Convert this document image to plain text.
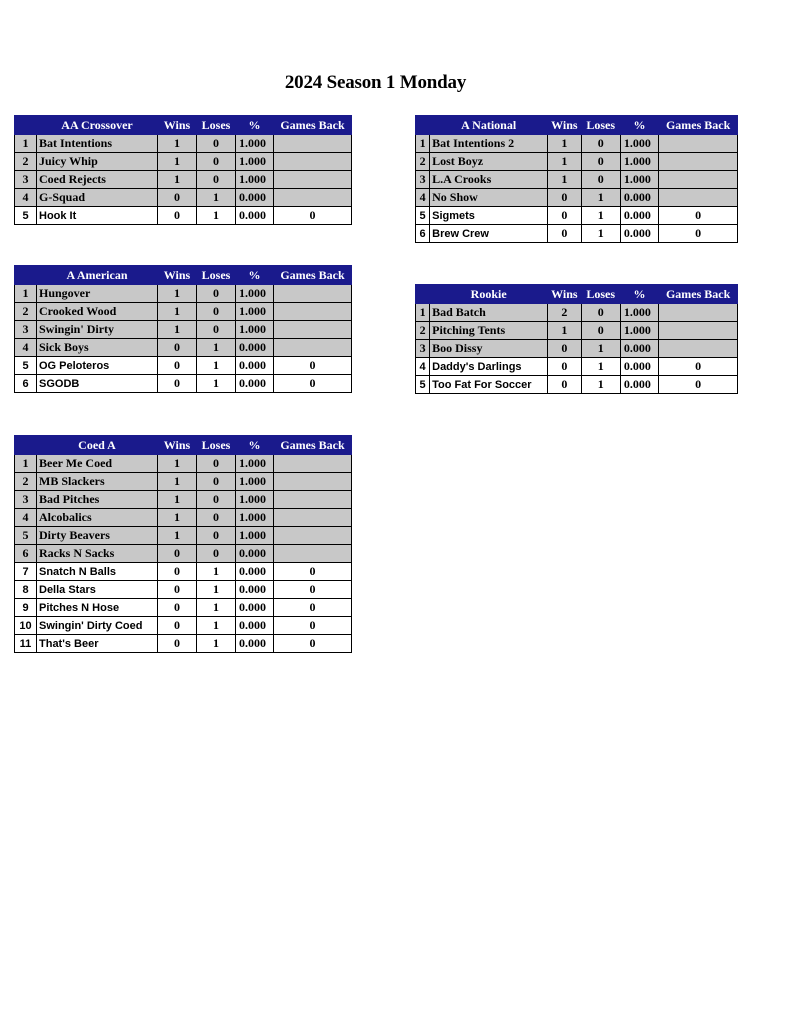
2024 Season 1 Monday
	AA Crossover	Wins	Loses	%	Games Back
1	Bat Intentions	1	0	1.000	
2	Juicy Whip	1	0	1.000	
3	Coed Rejects	1	0	1.000	
4	G-Squad	0	1	0.000	
5	Hook It	0	1	0.000	0
	A National	Wins	Loses	%	Games Back
1	Bat Intentions 2	1	0	1.000	
2	Lost Boyz	1	0	1.000	
3	L.A Crooks	1	0	1.000	
4	No Show	0	1	0.000	
5	Sigmets	0	1	0.000	0
6	Brew Crew	0	1	0.000	0
	A American	Wins	Loses	%	Games Back
1	Hungover	1	0	1.000	
2	Crooked Wood	1	0	1.000	
3	Swingin' Dirty	1	0	1.000	
4	Sick Boys	0	1	0.000	
5	OG Peloteros	0	1	0.000	0
6	SGODB	0	1	0.000	0
	Rookie	Wins	Loses	%	Games Back
1	Bad Batch	2	0	1.000	
2	Pitching Tents	1	0	1.000	
3	Boo Dissy	0	1	0.000	
4	Daddy's Darlings	0	1	0.000	0
5	Too Fat For Soccer	0	1	0.000	0
	Coed A	Wins	Loses	%	Games Back
1	Beer Me Coed	1	0	1.000	
2	MB Slackers	1	0	1.000	
3	Bad Pitches	1	0	1.000	
4	Alcobalics	1	0	1.000	
5	Dirty Beavers	1	0	1.000	
6	Racks N Sacks	0	0	0.000	
7	Snatch N Balls	0	1	0.000	0
8	Della Stars	0	1	0.000	0
9	Pitches N Hose	0	1	0.000	0
10	Swingin' Dirty Coed	0	1	0.000	0
11	That's Beer	0	1	0.000	0
